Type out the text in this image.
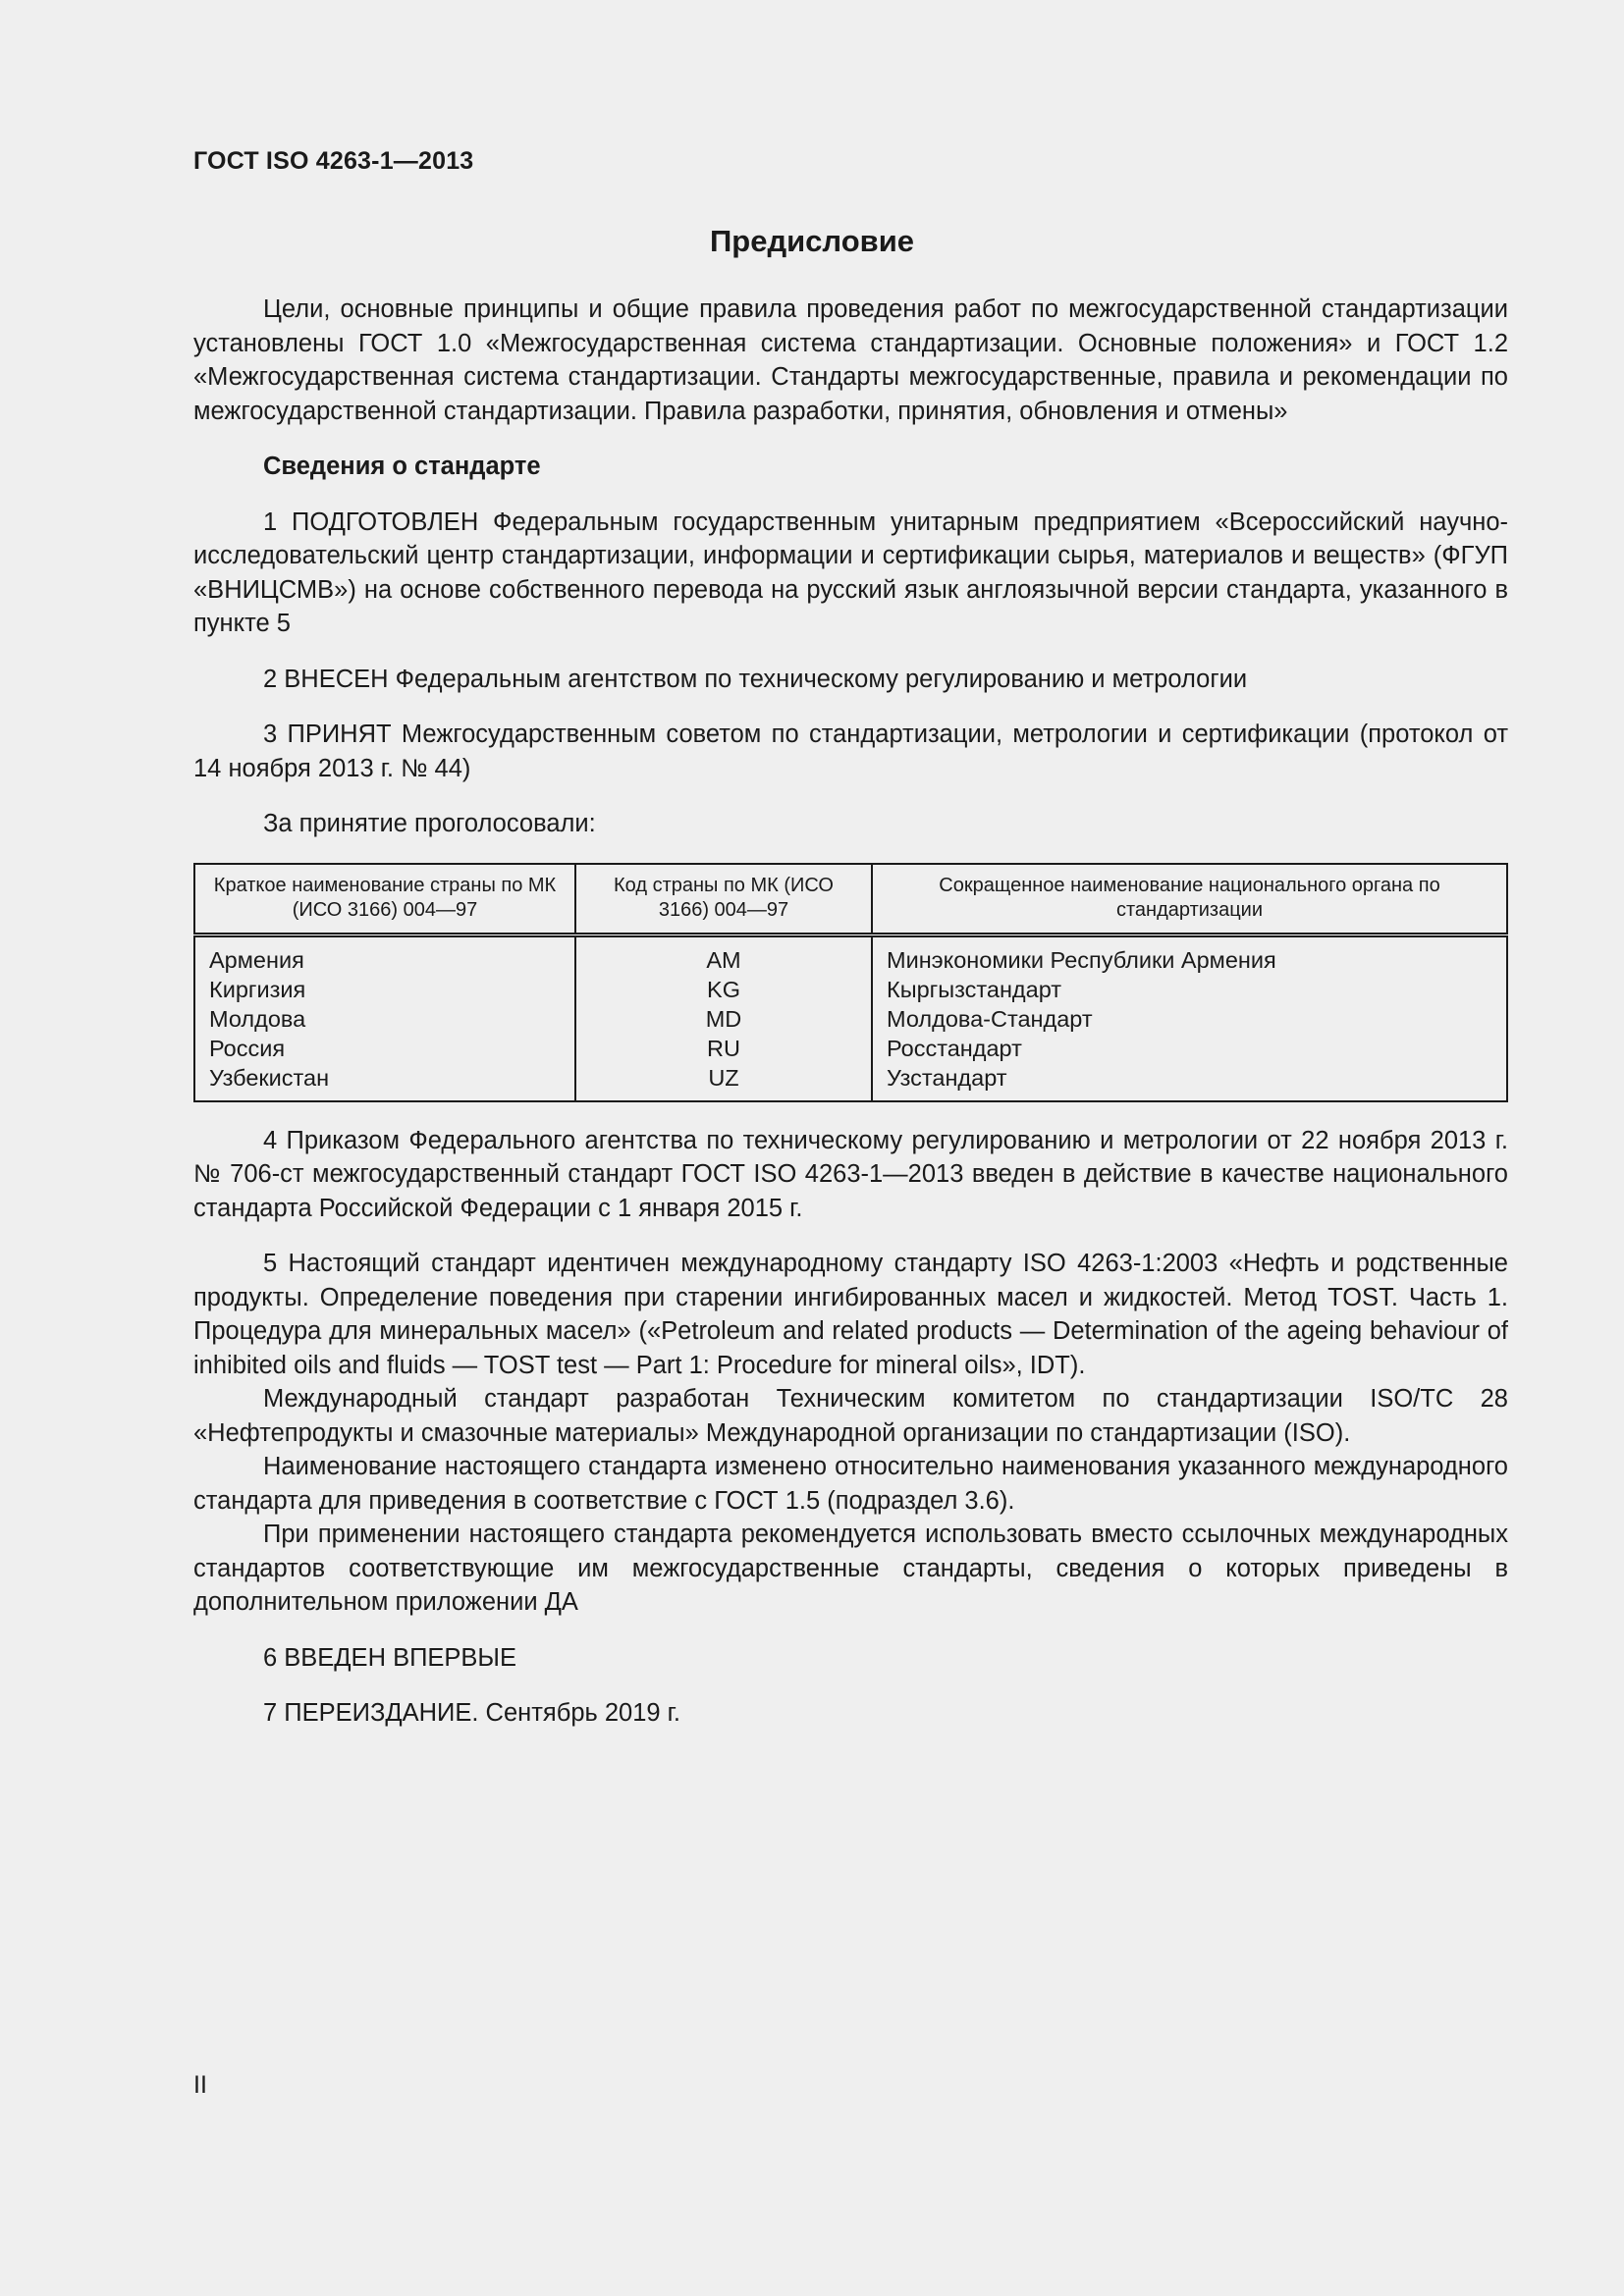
ГОСТ ISO 4263-1—2013
Предисловие

Цели, основные принципы и общие правила проведения работ по межгосударственной стандартизации установлены ГОСТ 1.0 «Межгосударственная система стандартизации. Основные положения» и ГОСТ 1.2 «Межгосударственная система стандартизации. Стандарты межгосударственные, правила и рекомендации по межгосударственной стандартизации. Правила разработки, принятия, обновления и отмены»

Сведения о стандарте

1 ПОДГОТОВЛЕН Федеральным государственным унитарным предприятием «Всероссийский научно-исследовательский центр стандартизации, информации и сертификации сырья, материалов и веществ» (ФГУП «ВНИЦСМВ») на основе собственного перевода на русский язык англоязычной версии стандарта, указанного в пункте 5

2 ВНЕСЕН Федеральным агентством по техническому регулированию и метрологии

3 ПРИНЯТ Межгосударственным советом по стандартизации, метрологии и сертификации (протокол от 14 ноября 2013 г. № 44)

За принятие проголосовали:

Краткое наименование страны по МК (ИСО 3166) 004—97	Код страны по МК (ИСО 3166) 004—97	Сокращенное наименование национального органа по стандартизации
Армения	AM	Минэкономики Республики Армения
Киргизия	KG	Кыргызстандарт
Молдова	MD	Молдова-Стандарт
Россия	RU	Росстандарт
Узбекистан	UZ	Узстандарт

4 Приказом Федерального агентства по техническому регулированию и метрологии от 22 ноября 2013 г. № 706-ст межгосударственный стандарт ГОСТ ISO 4263-1—2013 введен в действие в качестве национального стандарта Российской Федерации с 1 января 2015 г.

5 Настоящий стандарт идентичен международному стандарту ISO 4263-1:2003 «Нефть и родственные продукты. Определение поведения при старении ингибированных масел и жидкостей. Метод TOST. Часть 1. Процедура для минеральных масел» («Petroleum and related products — Determination of the ageing behaviour of inhibited oils and fluids — TOST test — Part 1: Procedure for mineral oils», IDT).

Международный стандарт разработан Техническим комитетом по стандартизации ISO/TC 28 «Нефтепродукты и смазочные материалы» Международной организации по стандартизации (ISO).

Наименование настоящего стандарта изменено относительно наименования указанного международного стандарта для приведения в соответствие с ГОСТ 1.5 (подраздел 3.6).

При применении настоящего стандарта рекомендуется использовать вместо ссылочных международных стандартов соответствующие им межгосударственные стандарты, сведения о которых приведены в дополнительном приложении ДА

6 ВВЕДЕН ВПЕРВЫЕ

7 ПЕРЕИЗДАНИЕ. Сентябрь 2019 г.

II
